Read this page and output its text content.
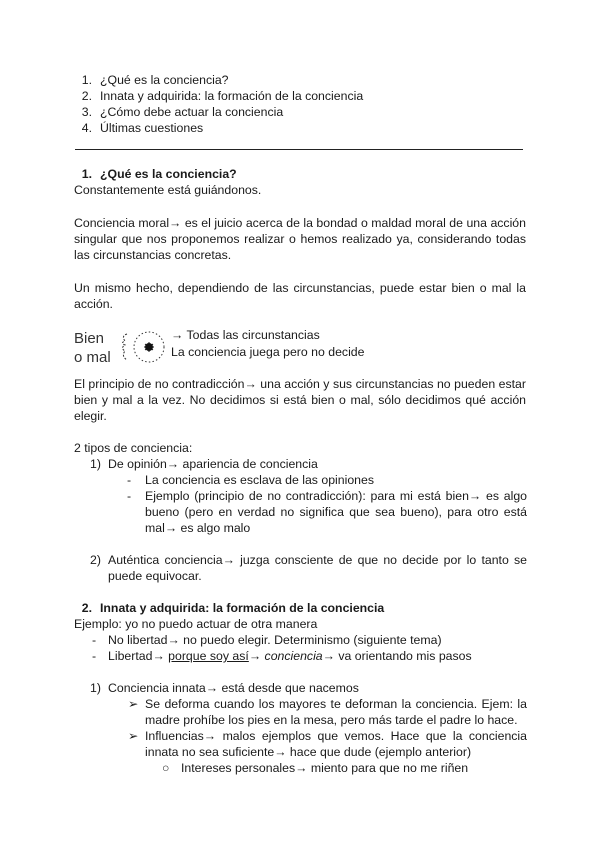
1. ¿Qué es la conciencia?
2. Innata y adquirida: la formación de la conciencia
3. ¿Cómo debe actuar la conciencia
4. Últimas cuestiones
1. ¿Qué es la conciencia?
Constantemente está guiándonos.
Conciencia moral→ es el juicio acerca de la bondad o maldad moral de una acción singular que nos proponemos realizar o hemos realizado ya, considerando todas las circunstancias concretas.
Un mismo hecho, dependiendo de las circunstancias, puede estar bien o mal la acción.
Bien
o mal
→ Todas las circunstancias
La conciencia juega pero no decide
El principio de no contradicción→ una acción y sus circunstancias no pueden estar bien y mal a la vez. No decidimos si está bien o mal, sólo decidimos qué acción elegir.
2 tipos de conciencia:
1) De opinión→ apariencia de conciencia
- La conciencia es esclava de las opiniones
- Ejemplo (principio de no contradicción): para mi está bien→ es algo bueno (pero en verdad no significa que sea bueno), para otro está mal→ es algo malo
2) Auténtica conciencia→ juzga consciente de que no decide por lo tanto se puede equivocar.
2. Innata y adquirida: la formación de la conciencia
Ejemplo: yo no puedo actuar de otra manera
- No libertad→ no puedo elegir. Determinismo (siguiente tema)
- Libertad→ porque soy así→ conciencia→ va orientando mis pasos
1) Conciencia innata→ está desde que nacemos
➢ Se deforma cuando los mayores te deforman la conciencia. Ejem: la madre prohíbe los pies en la mesa, pero más tarde el padre lo hace.
➢ Influencias→ malos ejemplos que vemos. Hace que la conciencia innata no sea suficiente→ hace que dude (ejemplo anterior)
○ Intereses personales→ miento para que no me riñen
